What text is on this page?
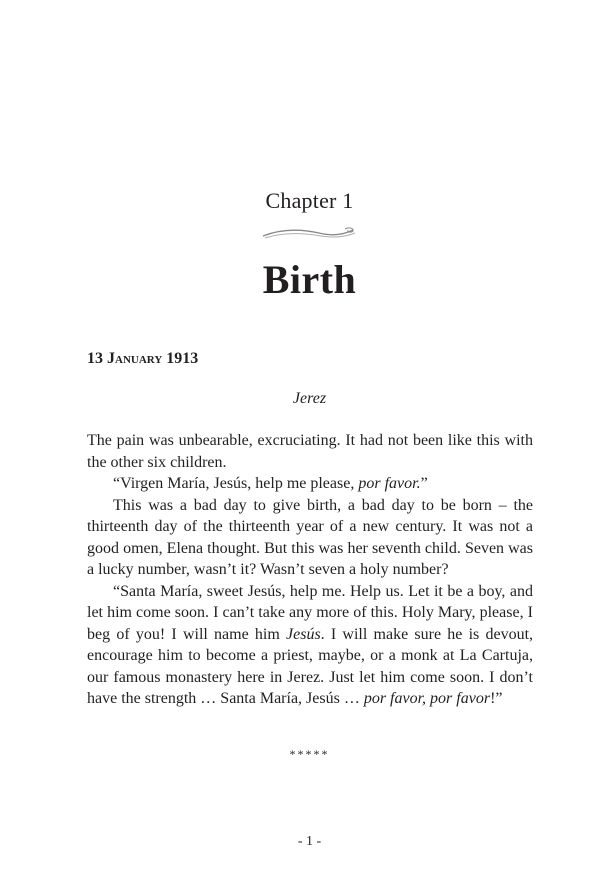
Chapter 1
Birth
13 January 1913
Jerez

The pain was unbearable, excruciating. It had not been like this with the other six children.

“Virgen María, Jesús, help me please, por favor.”

This was a bad day to give birth, a bad day to be born – the thirteenth day of the thirteenth year of a new century. It was not a good omen, Elena thought. But this was her seventh child. Seven was a lucky number, wasn’t it? Wasn’t seven a holy number?

“Santa María, sweet Jesús, help me. Help us. Let it be a boy, and let him come soon. I can’t take any more of this. Holy Mary, please, I beg of you! I will name him Jesús. I will make sure he is devout, encourage him to become a priest, maybe, or a monk at La Cartuja, our famous monastery here in Jerez. Just let him come soon. I don’t have the strength … Santa María, Jesús … por favor, por favor!”

*****
- 1 -
